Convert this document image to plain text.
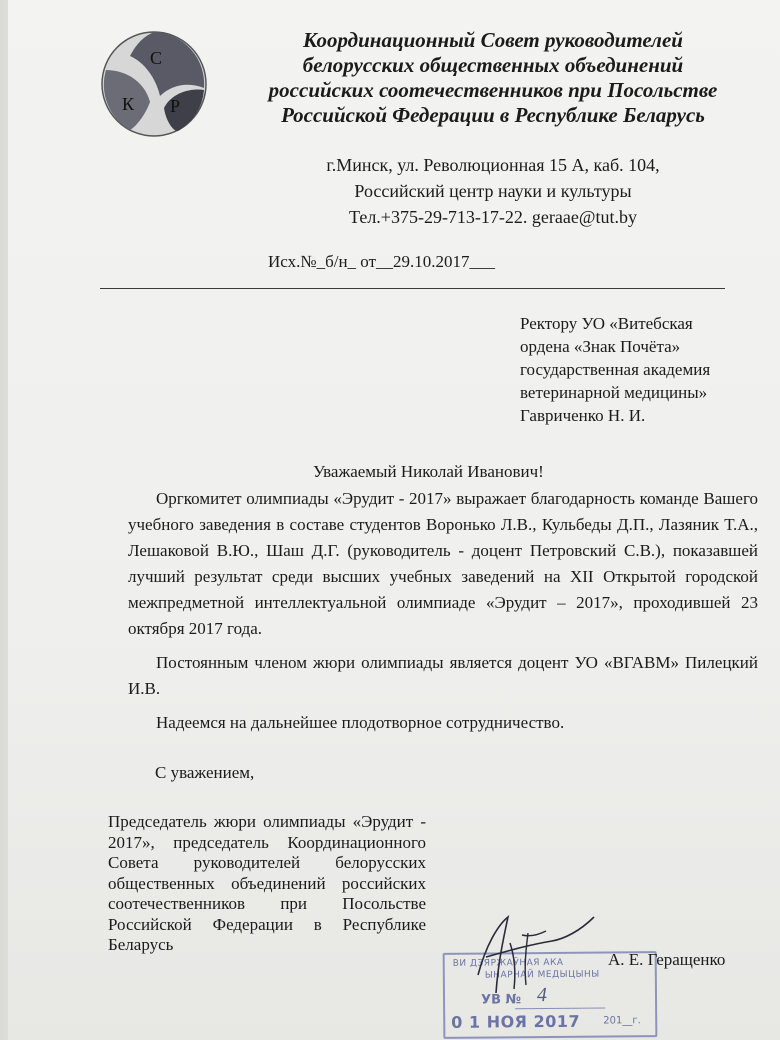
С
К Р
Координационный Совет руководителей
белорусских общественных объединений
российских соотечественников при Посольстве
Российской Федерации в Республике Беларусь
г.Минск, ул. Революционная 15 А, каб. 104,
Российский центр науки и культуры
Тел.+375-29-713-17-22. geraae@tut.by
Исх.№_б/н_ от__29.10.2017___
Ректору УО «Витебская
ордена «Знак Почёта»
государственная академия
ветеринарной медицины»
Гавриченко Н. И.
Уважаемый Николай Иванович!

Оргкомитет олимпиады «Эрудит - 2017» выражает благодарность команде Вашего учебного заведения в составе студентов Воронько Л.В., Кульбеды Д.П., Лазяник Т.А., Лешаковой В.Ю., Шаш Д.Г. (руководитель - доцент Петровский С.В.), показавшей лучший результат среди высших учебных заведений на XII Открытой городской межпредметной интеллектуальной олимпиаде «Эрудит – 2017», проходившей 23 октября 2017 года.

Постоянным членом жюри олимпиады является доцент УО «ВГАВМ» Пилецкий И.В.

Надеемся на дальнейшее плодотворное сотрудничество.

С уважением,
Председатель жюри олимпиады «Эрудит - 2017», председатель Координационного Совета руководителей белорусских общественных объединений российских соотечественников при Посольстве Российской Федерации в Республике Беларусь
ВИ ДЗЯРЖАЎНАЯ АКА
ЫНАРНАЙ МЕДЫЦЫНЫ
УВ № 4
0 1 НОЯ 2017 201__г.
А. Е. Геращенко
